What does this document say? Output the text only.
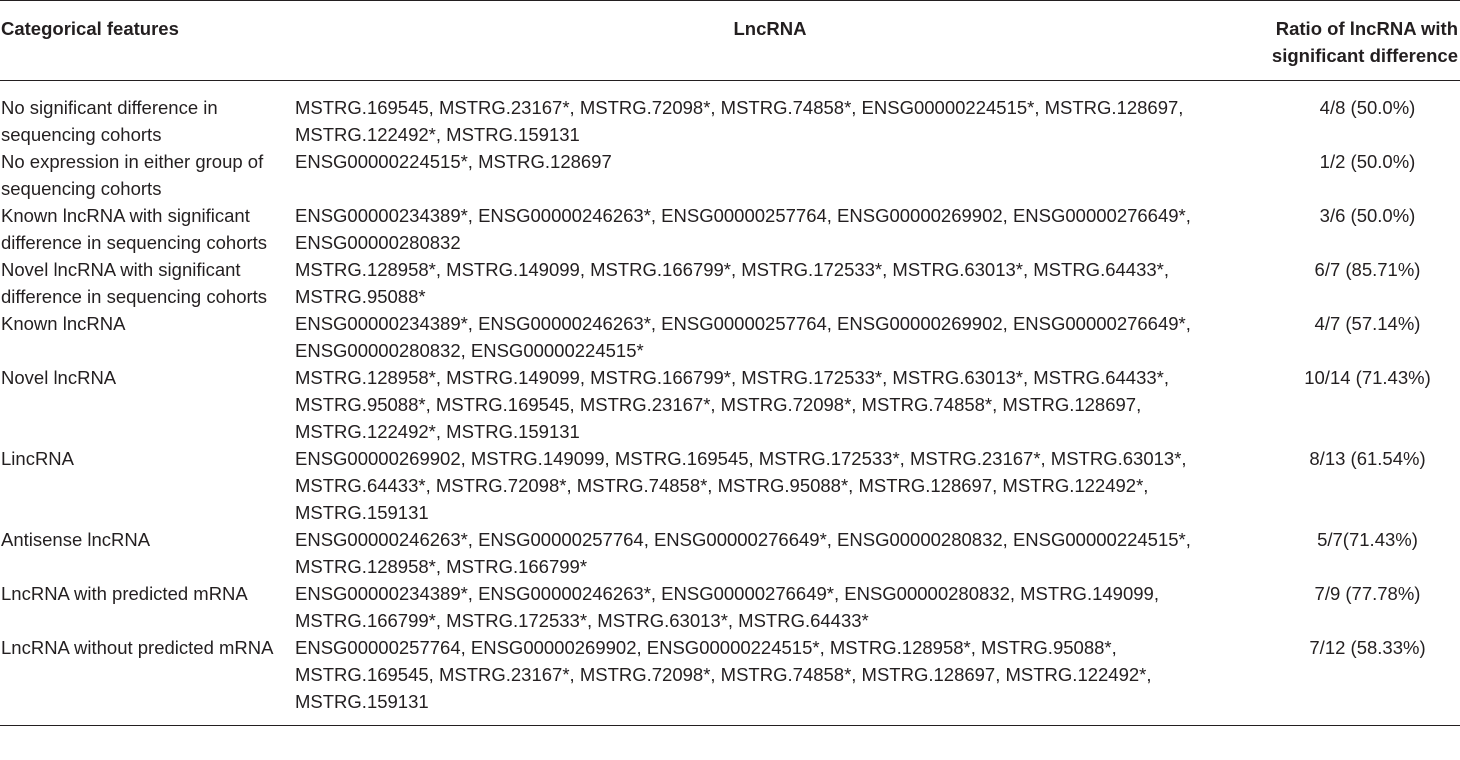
Categorical features	LncRNA	Ratio of lncRNA with significant difference
No significant difference in sequencing cohorts	MSTRG.169545, MSTRG.23167*, MSTRG.72098*, MSTRG.74858*, ENSG00000224515*, MSTRG.128697, MSTRG.122492*, MSTRG.159131	4/8 (50.0%)
No expression in either group of sequencing cohorts	ENSG00000224515*, MSTRG.128697	1/2 (50.0%)
Known lncRNA with significant difference in sequencing cohorts	ENSG00000234389*, ENSG00000246263*, ENSG00000257764, ENSG00000269902, ENSG00000276649*, ENSG00000280832	3/6 (50.0%)
Novel lncRNA with significant difference in sequencing cohorts	MSTRG.128958*, MSTRG.149099, MSTRG.166799*, MSTRG.172533*, MSTRG.63013*, MSTRG.64433*, MSTRG.95088*	6/7 (85.71%)
Known lncRNA	ENSG00000234389*, ENSG00000246263*, ENSG00000257764, ENSG00000269902, ENSG00000276649*, ENSG00000280832, ENSG00000224515*	4/7 (57.14%)
Novel lncRNA	MSTRG.128958*, MSTRG.149099, MSTRG.166799*, MSTRG.172533*, MSTRG.63013*, MSTRG.64433*, MSTRG.95088*, MSTRG.169545, MSTRG.23167*, MSTRG.72098*, MSTRG.74858*, MSTRG.128697, MSTRG.122492*, MSTRG.159131	10/14 (71.43%)
LincRNA	ENSG00000269902, MSTRG.149099, MSTRG.169545, MSTRG.172533*, MSTRG.23167*, MSTRG.63013*, MSTRG.64433*, MSTRG.72098*, MSTRG.74858*, MSTRG.95088*, MSTRG.128697, MSTRG.122492*, MSTRG.159131	8/13 (61.54%)
Antisense lncRNA	ENSG00000246263*, ENSG00000257764, ENSG00000276649*, ENSG00000280832, ENSG00000224515*, MSTRG.128958*, MSTRG.166799*	5/7(71.43%)
LncRNA with predicted mRNA	ENSG00000234389*, ENSG00000246263*, ENSG00000276649*, ENSG00000280832, MSTRG.149099, MSTRG.166799*, MSTRG.172533*, MSTRG.63013*, MSTRG.64433*	7/9 (77.78%)
LncRNA without predicted mRNA	ENSG00000257764, ENSG00000269902, ENSG00000224515*, MSTRG.128958*, MSTRG.95088*, MSTRG.169545, MSTRG.23167*, MSTRG.72098*, MSTRG.74858*, MSTRG.128697, MSTRG.122492*, MSTRG.159131	7/12 (58.33%)
